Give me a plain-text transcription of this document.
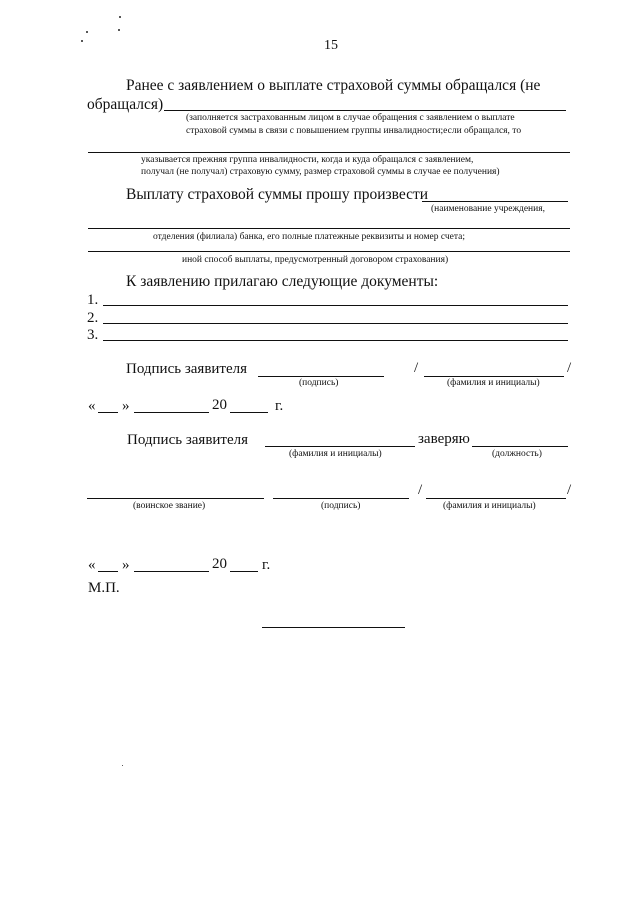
15
Ранее с заявлением о выплате страховой суммы обращался (не
обращался)
(заполняется застрахованным лицом в случае обращения с заявлением о выплате
страховой суммы в связи с повышением группы инвалидности;если обращался, то
указывается прежняя группа инвалидности, когда и куда обращался с заявлением,
получал (не получал) страховую сумму, размер страховой суммы в случае ее получения)
Выплату страховой суммы прошу произвести
(наименование учреждения,
отделения (филиала) банка, его полные платежные реквизиты и номер счета;
иной способ выплаты, предусмотренный договором страхования)
К заявлению прилагаю следующие документы:
1.
2.
3.
Подпись заявителя	/	/
(подпись)	(фамилия и инициалы)
« »	20	г.
Подпись заявителя	заверяю
(фамилия и инициалы)	(должность)
/	/
(воинское звание)	(подпись)	(фамилия и инициалы)
« »	20 г.
М.П.
